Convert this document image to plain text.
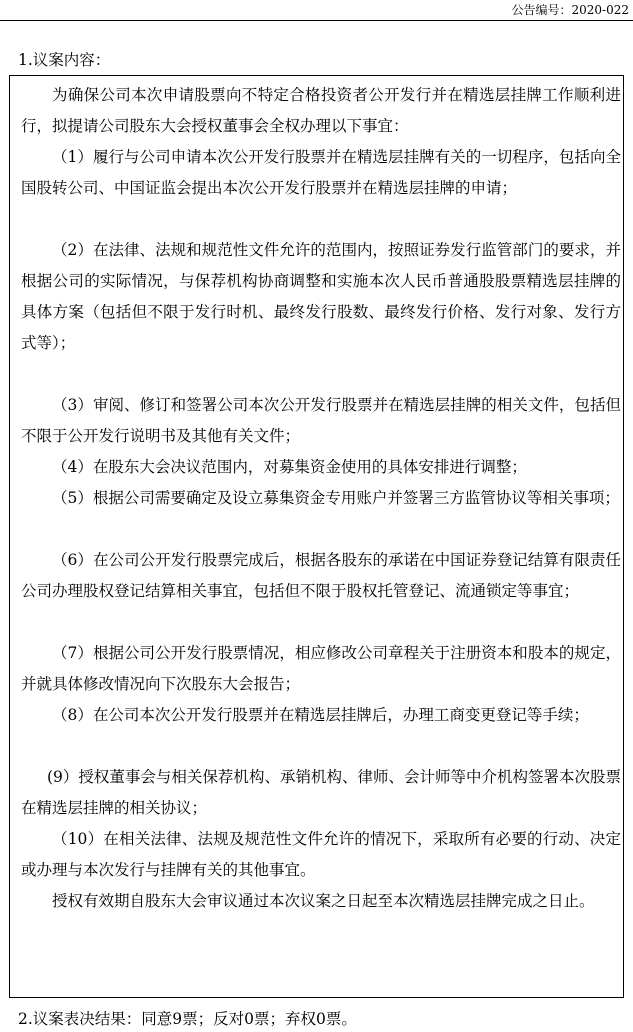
公告编号：2020-022
1.议案内容：

为确保公司本次申请股票向不特定合格投资者公开发行并在精选层挂牌工作顺利进行，拟提请公司股东大会授权董事会全权办理以下事宜：

（1）履行与公司申请本次公开发行股票并在精选层挂牌有关的一切程序，包括向全国股转公司、中国证监会提出本次公开发行股票并在精选层挂牌的申请；

（2）在法律、法规和规范性文件允许的范围内，按照证券发行监管部门的要求，并根据公司的实际情况，与保荐机构协商调整和实施本次人民币普通股股票精选层挂牌的具体方案（包括但不限于发行时机、最终发行股数、最终发行价格、发行对象、发行方式等）；

（3）审阅、修订和签署公司本次公开发行股票并在精选层挂牌的相关文件，包括但不限于公开发行说明书及其他有关文件；

（4）在股东大会决议范围内，对募集资金使用的具体安排进行调整；

（5）根据公司需要确定及设立募集资金专用账户并签署三方监管协议等相关事项；

（6）在公司公开发行股票完成后，根据各股东的承诺在中国证券登记结算有限责任公司办理股权登记结算相关事宜，包括但不限于股权托管登记、流通锁定等事宜；

（7）根据公司公开发行股票情况，相应修改公司章程关于注册资本和股本的规定，并就具体修改情况向下次股东大会报告；

（8）在公司本次公开发行股票并在精选层挂牌后，办理工商变更登记等手续；

(9）授权董事会与相关保荐机构、承销机构、律师、会计师等中介机构签署本次股票在精选层挂牌的相关协议；

（10）在相关法律、法规及规范性文件允许的情况下，采取所有必要的行动、决定或办理与本次发行与挂牌有关的其他事宜。

授权有效期自股东大会审议通过本次议案之日起至本次精选层挂牌完成之日止。

2.议案表决结果：同意9票；反对0票；弃权0票。
